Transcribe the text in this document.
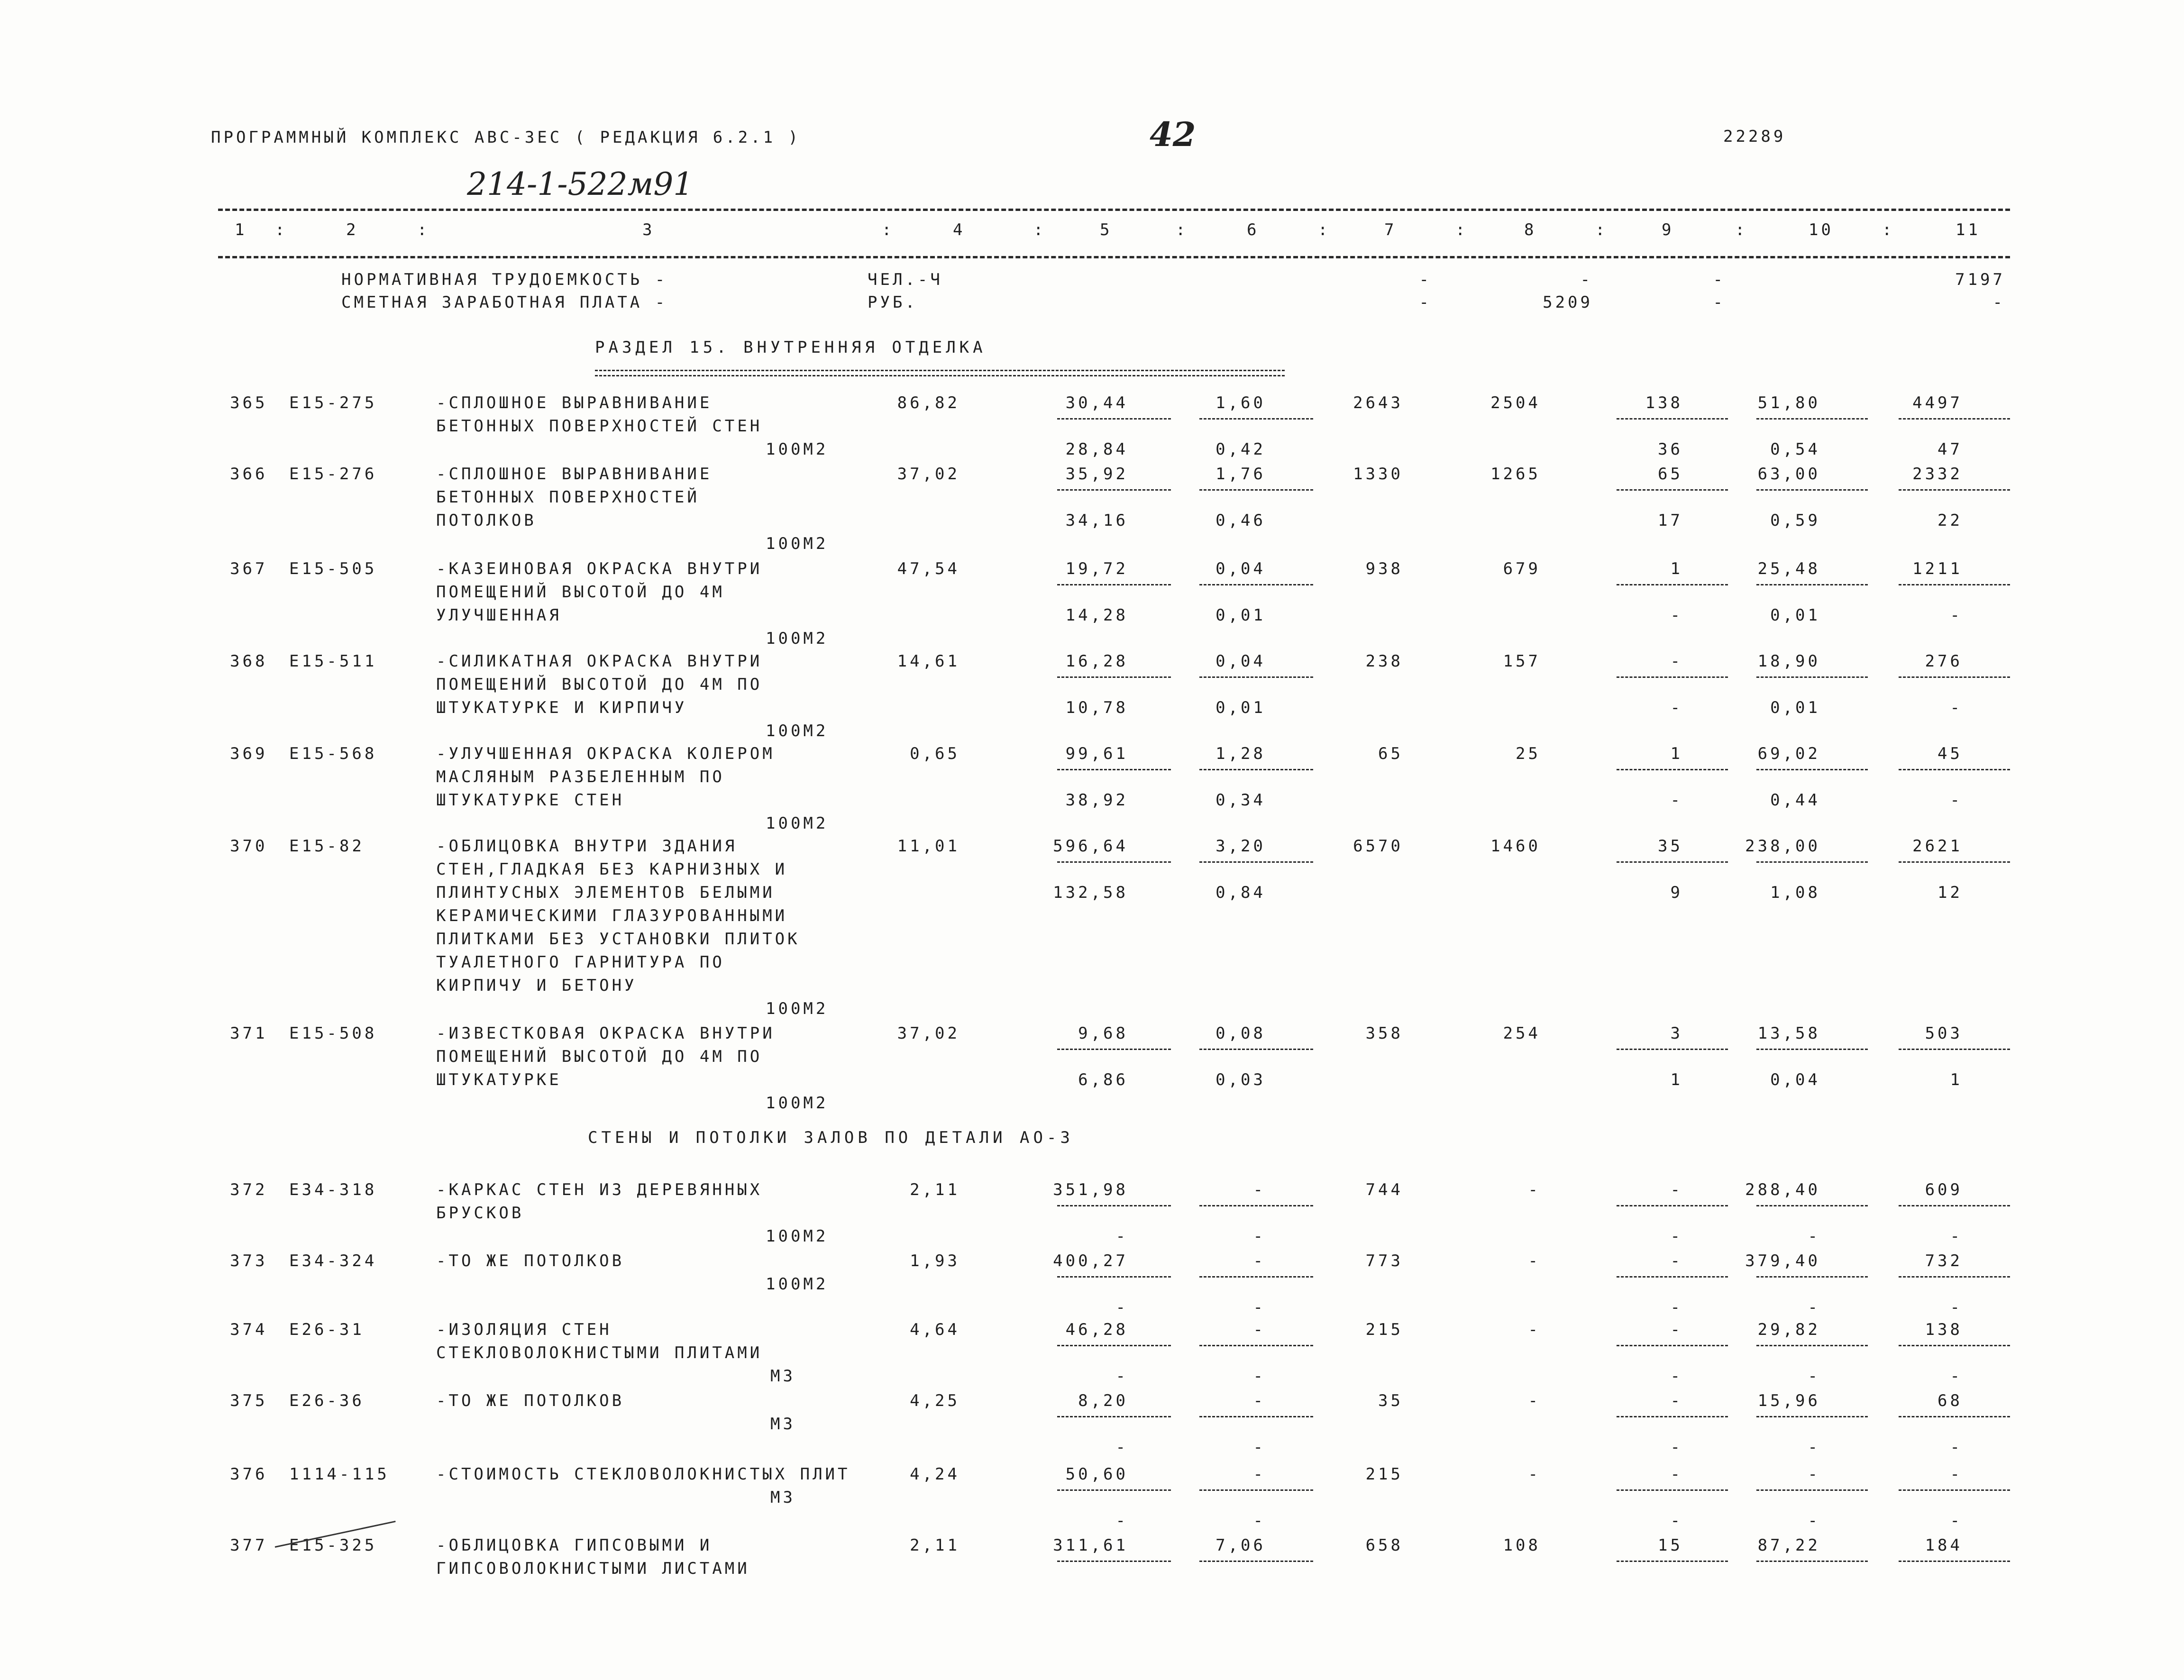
ПРОГРАММНЫЙ КОМПЛЕКС АВС-3ЕС ( РЕДАКЦИЯ 6.2.1 )	42	22289
214-1-522м91
1	2	3	4	5	6	7	8	9	10	11
:	:	:	:	:	:	:	:	:	:
НОРМАТИВНАЯ ТРУДОЕМКОСТЬ -	ЧЕЛ.-Ч	-	-	-	7197
СМЕТНАЯ ЗАРАБОТНАЯ ПЛАТА -	РУБ.	-	5209	-	-
РАЗДЕЛ 15. ВНУТРЕННЯЯ ОТДЕЛКА
365 Е15-275	-СПЛОШНОЕ ВЫРАВНИВАНИЕ
БЕТОННЫХ ПОВЕРХНОСТЕЙ СТЕН
100М2
86,82	30,44	1,60	2643	2504	138	51,80	4497
28,84	0,42	36	0,54	47
366 Е15-276	-СПЛОШНОЕ ВЫРАВНИВАНИЕ
БЕТОННЫХ ПОВЕРХНОСТЕЙ
ПОТОЛКОВ
100М2
37,02	35,92	1,76	1330	1265	65	63,00	2332
34,16	0,46	17	0,59	22
367 Е15-505	-КАЗЕИНОВАЯ ОКРАСКА ВНУТРИ
ПОМЕЩЕНИЙ ВЫСОТОЙ ДО 4М
УЛУЧШЕННАЯ
100М2
47,54	19,72	0,04	938	679	1	25,48	1211
14,28	0,01	-	0,01	-
368 Е15-511	-СИЛИКАТНАЯ ОКРАСКА ВНУТРИ
ПОМЕЩЕНИЙ ВЫСОТОЙ ДО 4М ПО
ШТУКАТУРКЕ И КИРПИЧУ
100М2
14,61	16,28	0,04	238	157	-	18,90	276
10,78	0,01	-	0,01	-
369 Е15-568	-УЛУЧШЕННАЯ ОКРАСКА КОЛЕРОМ
МАСЛЯНЫМ РАЗБЕЛЕННЫМ ПО
ШТУКАТУРКЕ СТЕН
100М2
0,65	99,61	1,28	65	25	1	69,02	45
38,92	0,34	-	0,44	-
370 Е15-82	-ОБЛИЦОВКА ВНУТРИ ЗДАНИЯ
СТЕН,ГЛАДКАЯ БЕЗ КАРНИЗНЫХ И
ПЛИНТУСНЫХ ЭЛЕМЕНТОВ БЕЛЫМИ
КЕРАМИЧЕСКИМИ ГЛАЗУРОВАННЫМИ
ПЛИТКАМИ БЕЗ УСТАНОВКИ ПЛИТОК
ТУАЛЕТНОГО ГАРНИТУРА ПО
КИРПИЧУ И БЕТОНУ
100М2
11,01	596,64	3,20	6570	1460	35	238,00	2621
132,58	0,84	9	1,08	12
371 Е15-508	-ИЗВЕСТКОВАЯ ОКРАСКА ВНУТРИ
ПОМЕЩЕНИЙ ВЫСОТОЙ ДО 4М ПО
ШТУКАТУРКЕ
100М2
37,02	9,68	0,08	358	254	3	13,58	503
6,86	0,03	1	0,04	1
372 Е34-318	-КАРКАС СТЕН ИЗ ДЕРЕВЯННЫХ
БРУСКОВ
100М2
2,11	351,98	-	744	-	-	288,40	609
-	-	-	-	-
373 Е34-324	-ТО ЖЕ ПОТОЛКОВ
100М2
1,93	400,27	-	773	-	-	379,40	732
-	-	-	-	-
374 Е26-31	-ИЗОЛЯЦИЯ СТЕН
СТЕКЛОВОЛОКНИСТЫМИ ПЛИТАМИ
М3
4,64	46,28	-	215	-	-	29,82	138
-	-	-	-	-
375 Е26-36	-ТО ЖЕ ПОТОЛКОВ
М3
4,25	8,20	-	35	-	-	15,96	68
-	-	-	-	-
376 1114-115	-СТОИМОСТЬ СТЕКЛОВОЛОКНИСТЫХ ПЛИТ
М3
4,24	50,60	-	215	-	-	-	-
-	-	-	-	-
377 Е15-325	-ОБЛИЦОВКА ГИПСОВЫМИ И
ГИПСОВОЛОКНИСТЫМИ ЛИСТАМИ
2,11	311,61	7,06	658	108	15	87,22	184
СТЕНЫ И ПОТОЛКИ ЗАЛОВ ПО ДЕТАЛИ АО-3
